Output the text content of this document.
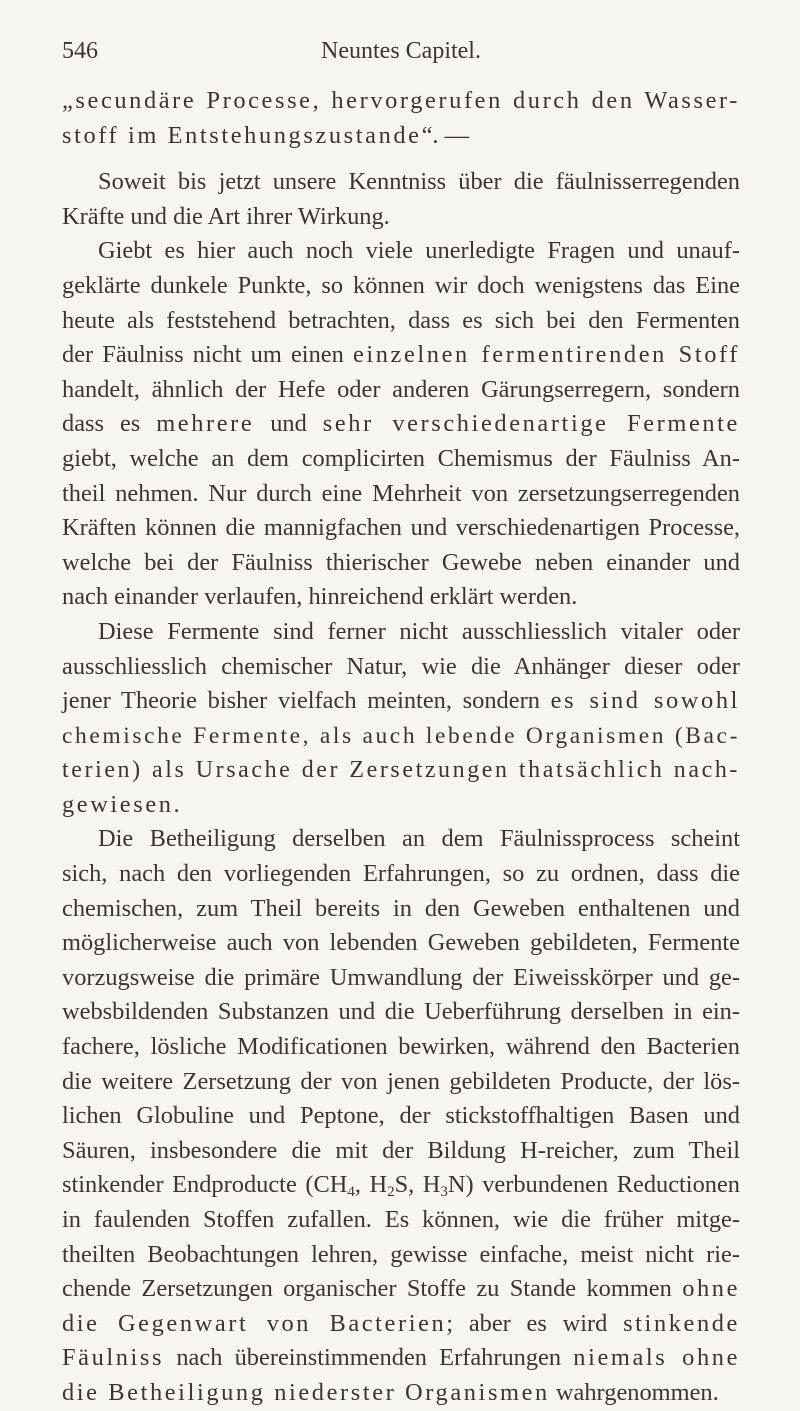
546	Neuntes Capitel.
„secundäre Processe, hervorgerufen durch den Wasser-
stoff im Entstehungszustande“. —
Soweit bis jetzt unsere Kenntniss über die fäulnisserregenden
Kräfte und die Art ihrer Wirkung.
Giebt es hier auch noch viele unerledigte Fragen und unauf-
geklärte dunkele Punkte, so können wir doch wenigstens das Eine
heute als feststehend betrachten, dass es sich bei den Fermenten
der Fäulniss nicht um einen einzelnen fermentirenden Stoff
handelt, ähnlich der Hefe oder anderen Gärungserregern, sondern
dass es mehrere und sehr verschiedenartige Fermente
giebt, welche an dem complicirten Chemismus der Fäulniss An-
theil nehmen. Nur durch eine Mehrheit von zersetzungserregenden
Kräften können die mannigfachen und verschiedenartigen Processe,
welche bei der Fäulniss thierischer Gewebe neben einander und
nach einander verlaufen, hinreichend erklärt werden.
Diese Fermente sind ferner nicht ausschliesslich vitaler oder
ausschliesslich chemischer Natur, wie die Anhänger dieser oder
jener Theorie bisher vielfach meinten, sondern es sind sowohl
chemische Fermente, als auch lebende Organismen (Bac-
terien) als Ursache der Zersetzungen thatsächlich nach-
gewiesen.
Die Betheiligung derselben an dem Fäulnissprocess scheint
sich, nach den vorliegenden Erfahrungen, so zu ordnen, dass die
chemischen, zum Theil bereits in den Geweben enthaltenen und
möglicherweise auch von lebenden Geweben gebildeten, Fermente
vorzugsweise die primäre Umwandlung der Eiweisskörper und ge-
websbildenden Substanzen und die Ueberführung derselben in ein-
fachere, lösliche Modificationen bewirken, während den Bacterien
die weitere Zersetzung der von jenen gebildeten Producte, der lös-
lichen Globuline und Peptone, der stickstoffhaltigen Basen und
Säuren, insbesondere die mit der Bildung H-reicher, zum Theil
stinkender Endproducte ($CH_4$, $H_2S$, $H_3N$) verbundenen Reductionen
in faulenden Stoffen zufallen. Es können, wie die früher mitge-
theilten Beobachtungen lehren, gewisse einfache, meist nicht rie-
chende Zersetzungen organischer Stoffe zu Stande kommen ohne
die Gegenwart von Bacterien; aber es wird stinkende
Fäulniss nach übereinstimmenden Erfahrungen niemals ohne
die Betheiligung niederster Organismen wahrgenommen.
